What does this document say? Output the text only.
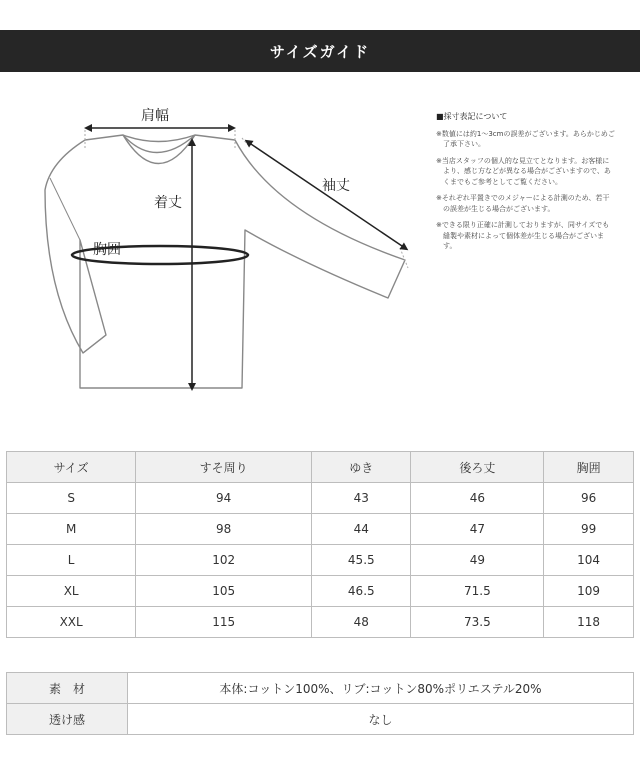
サイズガイド
肩幅
着丈
袖丈
胸囲
■採寸表記について
※数値には約1〜3cmの誤差がございます。あらかじめご了承下さい。
※当店スタッフの個人的な見立てとなります。お客様により、感じ方などが異なる場合がございますので、あくまでもご参考としてご覧ください。
※それぞれ平置きでのメジャーによる計測のため、若干の誤差が生じる場合がございます。
※できる限り正確に計測しておりますが、同サイズでも縫製や素材によって個体差が生じる場合がございます。
サイズ	すそ周り	ゆき	後ろ丈	胸囲
S	94	43	46	96
M	98	44	47	99
L	102	45.5	49	104
XL	105	46.5	71.5	109
XXL	115	48	73.5	118
素　材	本体:コットン100%、リブ:コットン80%ポリエステル20%
透け感	なし
